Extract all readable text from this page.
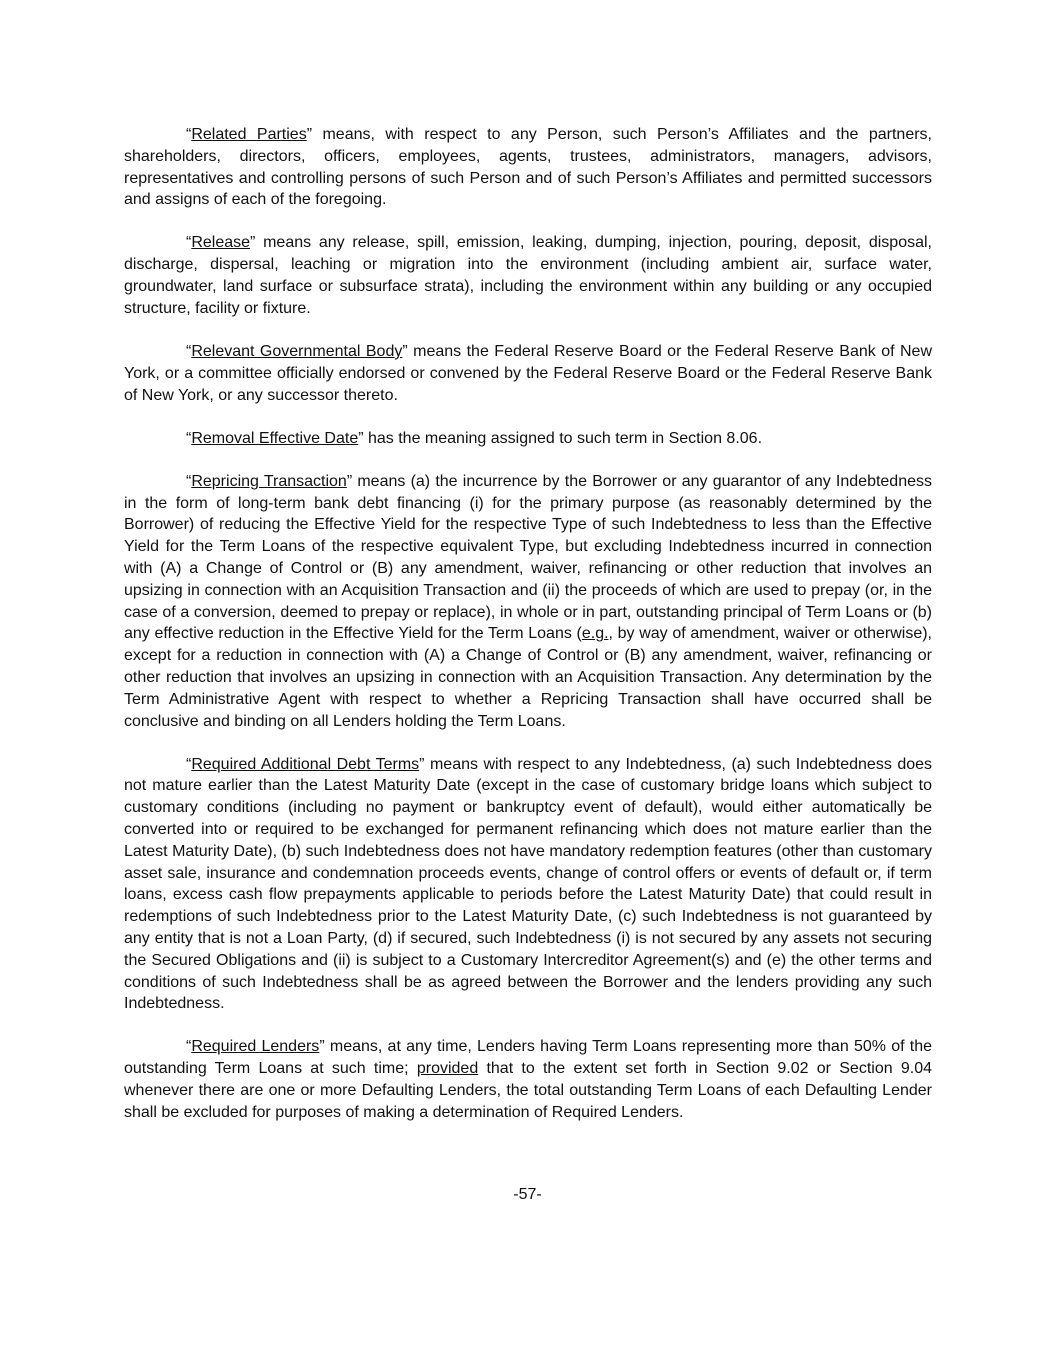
“Related Parties” means, with respect to any Person, such Person’s Affiliates and the partners, shareholders, directors, officers, employees, agents, trustees, administrators, managers, advisors, representatives and controlling persons of such Person and of such Person’s Affiliates and permitted successors and assigns of each of the foregoing.

“Release” means any release, spill, emission, leaking, dumping, injection, pouring, deposit, disposal, discharge, dispersal, leaching or migration into the environment (including ambient air, surface water, groundwater, land surface or subsurface strata), including the environment within any building or any occupied structure, facility or fixture.

“Relevant Governmental Body” means the Federal Reserve Board or the Federal Reserve Bank of New York, or a committee officially endorsed or convened by the Federal Reserve Board or the Federal Reserve Bank of New York, or any successor thereto.

“Removal Effective Date” has the meaning assigned to such term in Section 8.06.

“Repricing Transaction” means (a) the incurrence by the Borrower or any guarantor of any Indebtedness in the form of long-term bank debt financing (i) for the primary purpose (as reasonably determined by the Borrower) of reducing the Effective Yield for the respective Type of such Indebtedness to less than the Effective Yield for the Term Loans of the respective equivalent Type, but excluding Indebtedness incurred in connection with (A) a Change of Control or (B) any amendment, waiver, refinancing or other reduction that involves an upsizing in connection with an Acquisition Transaction and (ii) the proceeds of which are used to prepay (or, in the case of a conversion, deemed to prepay or replace), in whole or in part, outstanding principal of Term Loans or (b) any effective reduction in the Effective Yield for the Term Loans (e.g., by way of amendment, waiver or otherwise), except for a reduction in connection with (A) a Change of Control or (B) any amendment, waiver, refinancing or other reduction that involves an upsizing in connection with an Acquisition Transaction. Any determination by the Term Administrative Agent with respect to whether a Repricing Transaction shall have occurred shall be conclusive and binding on all Lenders holding the Term Loans.

“Required Additional Debt Terms” means with respect to any Indebtedness, (a) such Indebtedness does not mature earlier than the Latest Maturity Date (except in the case of customary bridge loans which subject to customary conditions (including no payment or bankruptcy event of default), would either automatically be converted into or required to be exchanged for permanent refinancing which does not mature earlier than the Latest Maturity Date), (b) such Indebtedness does not have mandatory redemption features (other than customary asset sale, insurance and condemnation proceeds events, change of control offers or events of default or, if term loans, excess cash flow prepayments applicable to periods before the Latest Maturity Date) that could result in redemptions of such Indebtedness prior to the Latest Maturity Date, (c) such Indebtedness is not guaranteed by any entity that is not a Loan Party, (d) if secured, such Indebtedness (i) is not secured by any assets not securing the Secured Obligations and (ii) is subject to a Customary Intercreditor Agreement(s) and (e) the other terms and conditions of such Indebtedness shall be as agreed between the Borrower and the lenders providing any such Indebtedness.

“Required Lenders” means, at any time, Lenders having Term Loans representing more than 50% of the outstanding Term Loans at such time; provided that to the extent set forth in Section 9.02 or Section 9.04 whenever there are one or more Defaulting Lenders, the total outstanding Term Loans of each Defaulting Lender shall be excluded for purposes of making a determination of Required Lenders.

-57-
